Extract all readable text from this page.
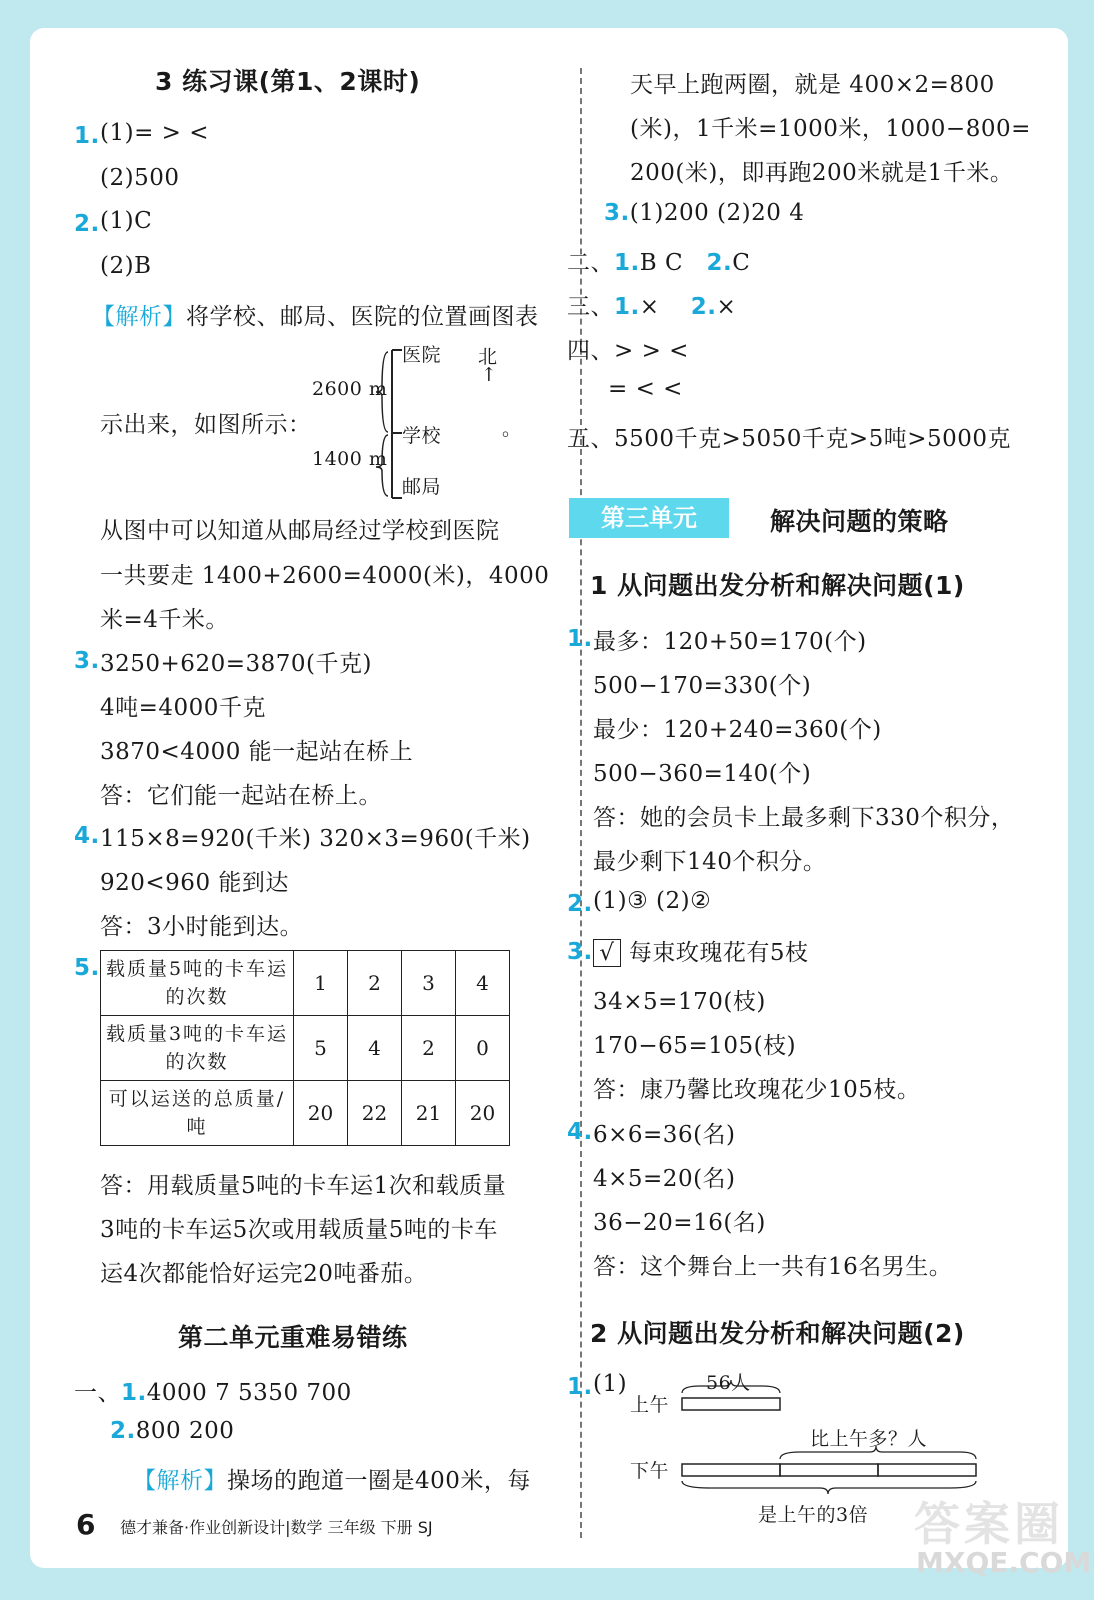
3 练习课(第1、2课时)
1. (1)= > <
(2)500
2. (1)C
(2)B
【解析】将学校、邮局、医院的位置画图表
示出来，如图所示：
医院
学校
邮局
2600 m
1400 m
北
↑
。
从图中可以知道从邮局经过学校到医院
一共要走 1400+2600=4000(米)，4000
米=4千米。
3. 3250+620=3870(千克)
4吨=4000千克
3870<4000 能一起站在桥上
答：它们能一起站在桥上。
4. 115×8=920(千米) 320×3=960(千米)
920<960 能到达
答：3小时能到达。
5. 载质量5吨的卡车运的次数	1	2	3	4
载质量3吨的卡车运的次数	5	4	2	0
可以运送的总质量/吨	20	22	21	20
答：用载质量5吨的卡车运1次和载质量
3吨的卡车运5次或用载质量5吨的卡车
运4次都能恰好运完20吨番茄。
第二单元重难易错练
一、1.4000 7 5350 700
2.800 200
【解析】操场的跑道一圈是400米，每
天早上跑两圈，就是 400×2=800
(米)，1千米=1000米，1000−800=
200(米)，即再跑200米就是1千米。
3.(1)200 (2)20 4
二、1.B C 2.C
三、1.× 2.×
四、> > <
= < <
五、5500千克>5050千克>5吨>5000克
第三单元	解决问题的策略
1 从问题出发分析和解决问题(1)
1. 最多：120+50=170(个)
500−170=330(个)
最少：120+240=360(个)
500−360=140(个)
答：她的会员卡上最多剩下330个积分，
最少剩下140个积分。
2. (1)③ (2)②
3. √ 每束玫瑰花有5枝
34×5=170(枝)
170−65=105(枝)
答：康乃馨比玫瑰花少105枝。
4. 6×6=36(名)
4×5=20(名)
36−20=16(名)
答：这个舞台上一共有16名男生。
2 从问题出发分析和解决问题(2)
1. (1)
上午
下午
56人
比上午多？人
是上午的3倍
6 德才兼备·作业创新设计|数学 三年级 下册 SJ	答案圈
MXQE.COM
